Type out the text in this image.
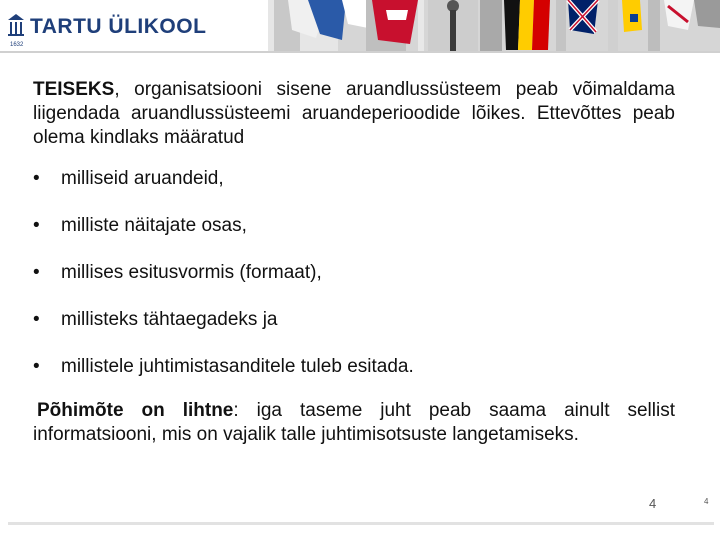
TARTU ÜLIKOOL
1632

TEISEKS, organisatsiooni sisene aruandlussüsteem peab võimaldama liigendada aruandlussüsteemi aruandeperioodide lõikes. Ettevõttes peab olema kindlaks määratud

• milliseid aruandeid,
• milliste näitajate osas,
• millises esitusvormis (formaat),
• millisteks tähtaegadeks ja
• millistele juhtimistasanditele tuleb esitada.

Põhimõte on lihtne: iga taseme juht peab saama ainult sellist informatsiooni, mis on vajalik talle juhtimisotsuste langetamiseks.

4	4
